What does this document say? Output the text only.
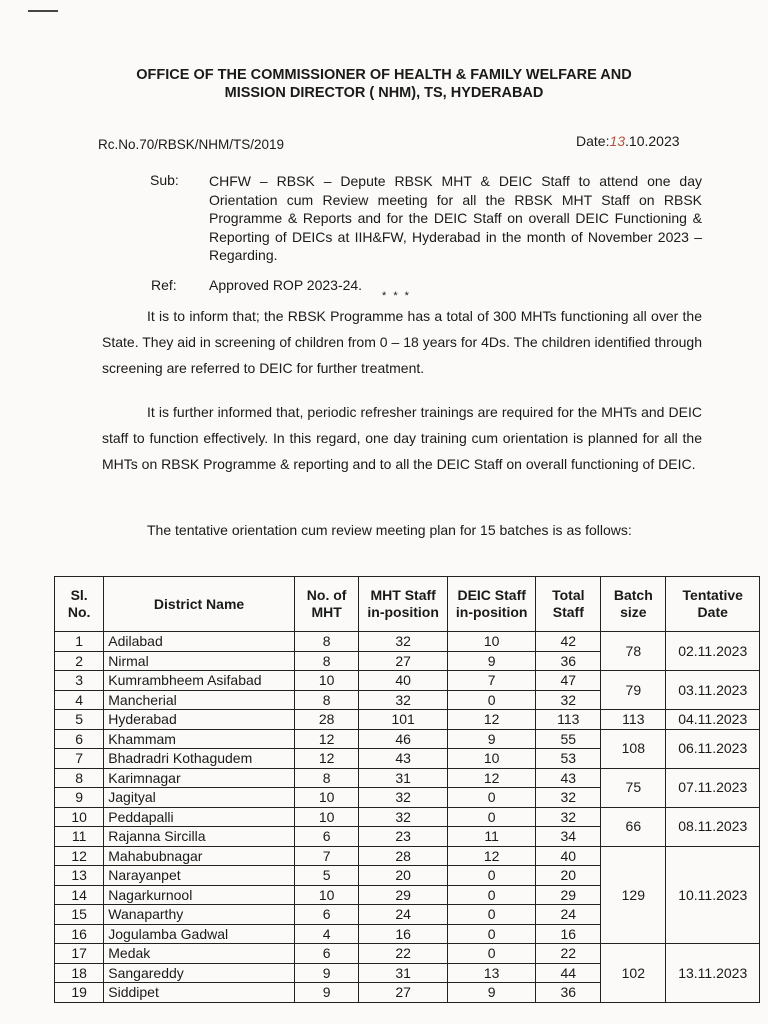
OFFICE OF THE COMMISSIONER OF HEALTH & FAMILY WELFARE AND
MISSION DIRECTOR ( NHM), TS, HYDERABAD
Rc.No.70/RBSK/NHM/TS/2019	Date:13.10.2023
Sub: CHFW – RBSK – Depute RBSK MHT & DEIC Staff to attend one day Orientation cum Review meeting for all the RBSK MHT Staff on RBSK Programme & Reports and for the DEIC Staff on overall DEIC Functioning & Reporting of DEICs at IIH&FW, Hyderabad in the month of November 2023 – Regarding.
Ref: Approved ROP 2023-24.
* * *
It is to inform that; the RBSK Programme has a total of 300 MHTs functioning all over the State. They aid in screening of children from 0 – 18 years for 4Ds. The children identified through screening are referred to DEIC for further treatment.
It is further informed that, periodic refresher trainings are required for the MHTs and DEIC staff to function effectively. In this regard, one day training cum orientation is planned for all the MHTs on RBSK Programme & reporting and to all the DEIC Staff on overall functioning of DEIC.
The tentative orientation cum review meeting plan for 15 batches is as follows:
Sl. No.	District Name	No. of MHT	MHT Staff in-position	DEIC Staff in-position	Total Staff	Batch size	Tentative Date
1	Adilabad	8	32	10	42	78	02.11.2023
2	Nirmal	8	27	9	36		
3	Kumrambheem Asifabad	10	40	7	47	79	03.11.2023
4	Mancherial	8	32	0	32		
5	Hyderabad	28	101	12	113	113	04.11.2023
6	Khammam	12	46	9	55	108	06.11.2023
7	Bhadradri Kothagudem	12	43	10	53		
8	Karimnagar	8	31	12	43	75	07.11.2023
9	Jagityal	10	32	0	32		
10	Peddapalli	10	32	0	32	66	08.11.2023
11	Rajanna Sircilla	6	23	11	34		
12	Mahabubnagar	7	28	12	40	129	10.11.2023
13	Narayanpet	5	20	0	20		
14	Nagarkurnool	10	29	0	29		
15	Wanaparthy	6	24	0	24		
16	Jogulamba Gadwal	4	16	0	16		
17	Medak	6	22	0	22	102	13.11.2023
18	Sangareddy	9	31	13	44		
19	Siddipet	9	27	9	36		
